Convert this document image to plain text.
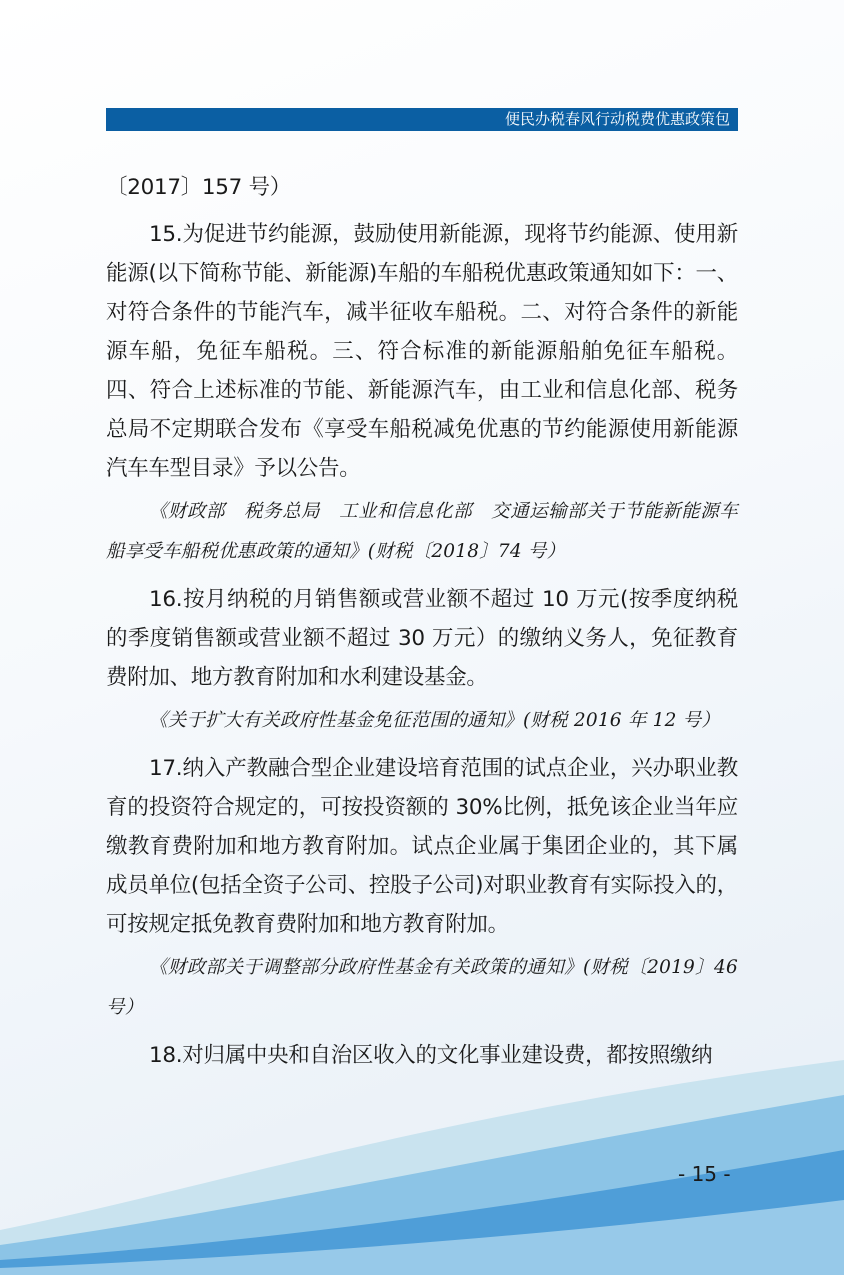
便民办税春风行动税费优惠政策包

〔2017〕157 号）

15.为促进节约能源，鼓励使用新能源，现将节约能源、使用新能源(以下简称节能、新能源)车船的车船税优惠政策通知如下：一、对符合条件的节能汽车，减半征收车船税。二、对符合条件的新能源车船，免征车船税。三、符合标准的新能源船舶免征车船税。四、符合上述标准的节能、新能源汽车，由工业和信息化部、税务总局不定期联合发布《享受车船税减免优惠的节约能源使用新能源汽车车型目录》予以公告。

《财政部　税务总局　工业和信息化部　交通运输部关于节能新能源车船享受车船税优惠政策的通知》(财税〔2018〕74 号）

16.按月纳税的月销售额或营业额不超过 10 万元(按季度纳税的季度销售额或营业额不超过 30 万元）的缴纳义务人，免征教育费附加、地方教育附加和水利建设基金。

《关于扩大有关政府性基金免征范围的通知》(财税 2016 年 12 号）

17.纳入产教融合型企业建设培育范围的试点企业，兴办职业教育的投资符合规定的，可按投资额的 30%比例，抵免该企业当年应缴教育费附加和地方教育附加。试点企业属于集团企业的，其下属成员单位(包括全资子公司、控股子公司)对职业教育有实际投入的，可按规定抵免教育费附加和地方教育附加。

《财政部关于调整部分政府性基金有关政策的通知》(财税〔2019〕46 号）

18.对归属中央和自治区收入的文化事业建设费，都按照缴纳

- 15 -
